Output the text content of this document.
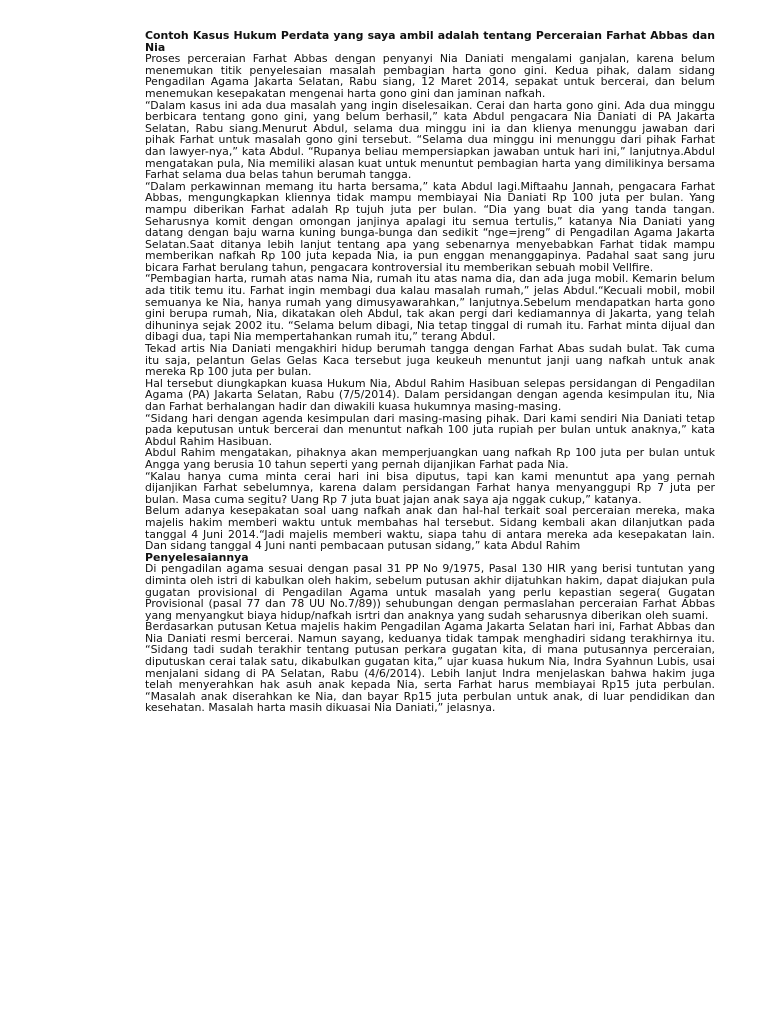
Contoh Kasus Hukum Perdata yang saya ambil adalah tentang Perceraian Farhat Abbas dan Nia

Proses perceraian Farhat Abbas dengan penyanyi Nia Daniati mengalami ganjalan, karena belum menemukan titik penyelesaian masalah pembagian harta gono gini. Kedua pihak, dalam sidang Pengadilan Agama Jakarta Selatan, Rabu siang, 12 Maret 2014, sepakat untuk bercerai, dan belum menemukan kesepakatan mengenai harta gono gini dan jaminan nafkah.

“Dalam kasus ini ada dua masalah yang ingin diselesaikan. Cerai dan harta gono gini. Ada dua minggu berbicara tentang gono gini, yang belum berhasil,” kata Abdul pengacara Nia Daniati di PA Jakarta Selatan, Rabu siang.Menurut Abdul, selama dua minggu ini ia dan klienya menunggu jawaban dari pihak Farhat untuk masalah gono gini tersebut. “Selama dua minggu ini menunggu dari pihak Farhat dan lawyer-nya,” kata Abdul. “Rupanya beliau mempersiapkan jawaban untuk hari ini,” lanjutnya.Abdul mengatakan pula, Nia memiliki alasan kuat untuk menuntut pembagian harta yang dimilikinya bersama Farhat selama dua belas tahun berumah tangga.

“Dalam perkawinnan memang itu harta bersama,” kata Abdul lagi.Miftaahu Jannah, pengacara Farhat Abbas, mengungkapkan kliennya tidak mampu membiayai Nia Daniati Rp 100 juta per bulan. Yang mampu diberikan Farhat adalah Rp tujuh juta per bulan. “Dia yang buat dia yang tanda tangan. Seharusnya komit dengan omongan janjinya apalagi itu semua tertulis,” katanya Nia Daniati yang datang dengan baju warna kuning bunga-bunga dan sedikit “nge=jreng” di Pengadilan Agama Jakarta Selatan.Saat ditanya lebih lanjut tentang apa yang sebenarnya menyebabkan Farhat tidak mampu memberikan nafkah Rp 100 juta kepada Nia, ia pun enggan menanggapinya. Padahal saat sang juru bicara Farhat berulang tahun, pengacara kontroversial itu memberikan sebuah mobil Vellfire.

“Pembagian harta, rumah atas nama Nia, rumah itu atas nama dia, dan ada juga mobil. Kemarin belum ada titik temu itu. Farhat ingin membagi dua kalau masalah rumah,” jelas Abdul.“Kecuali mobil, mobil semuanya ke Nia, hanya rumah yang dimusyawarahkan,” lanjutnya.Sebelum mendapatkan harta gono gini berupa rumah, Nia, dikatakan oleh Abdul, tak akan pergi dari kediamannya di Jakarta, yang telah dihuninya sejak 2002 itu. “Selama belum dibagi, Nia tetap tinggal di rumah itu. Farhat minta dijual dan dibagi dua, tapi Nia mempertahankan rumah itu,” terang Abdul.

Tekad artis Nia Daniati mengakhiri hidup berumah tangga dengan Farhat Abas sudah bulat. Tak cuma itu saja, pelantun Gelas Gelas Kaca tersebut juga keukeuh menuntut janji uang nafkah untuk anak mereka Rp 100 juta per bulan.

Hal tersebut diungkapkan kuasa Hukum Nia, Abdul Rahim Hasibuan selepas persidangan di Pengadilan Agama (PA) Jakarta Selatan, Rabu (7/5/2014). Dalam persidangan dengan agenda kesimpulan itu, Nia dan Farhat berhalangan hadir dan diwakili kuasa hukumnya masing-masing.

“Sidang hari dengan agenda kesimpulan dari masing-masing pihak. Dari kami sendiri Nia Daniati tetap pada keputusan untuk bercerai dan menuntut nafkah 100 juta rupiah per bulan untuk anaknya,” kata Abdul Rahim Hasibuan.

Abdul Rahim mengatakan, pihaknya akan memperjuangkan uang nafkah Rp 100 juta per bulan untuk Angga yang berusia 10 tahun seperti yang pernah dijanjikan Farhat pada Nia.

“Kalau hanya cuma minta cerai hari ini bisa diputus, tapi kan kami menuntut apa yang pernah dijanjikan Farhat sebelumnya, karena dalam persidangan Farhat hanya menyanggupi Rp 7 juta per bulan. Masa cuma segitu? Uang Rp 7 juta buat jajan anak saya aja nggak cukup,” katanya.

Belum adanya kesepakatan soal uang nafkah anak dan hal-hal terkait soal perceraian mereka, maka majelis hakim memberi waktu untuk membahas hal tersebut. Sidang kembali akan dilanjutkan pada tanggal 4 Juni 2014.“Jadi majelis memberi waktu, siapa tahu di antara mereka ada kesepakatan lain. Dan sidang tanggal 4 Juni nanti pembacaan putusan sidang,” kata Abdul Rahim

Penyelesaiannya

Di pengadilan agama sesuai dengan pasal 31 PP No 9/1975, Pasal 130 HIR yang berisi tuntutan yang diminta oleh istri di kabulkan oleh hakim, sebelum putusan akhir dijatuhkan hakim, dapat diajukan pula gugatan provisional di Pengadilan Agama untuk masalah yang perlu kepastian segera( Gugatan Provisional (pasal 77 dan 78 UU No.7/89)) sehubungan dengan permaslahan perceraian Farhat Abbas yang menyangkut biaya hidup/nafkah isrtri dan anaknya yang sudah seharusnya diberikan oleh suami.

Berdasarkan putusan Ketua majelis hakim Pengadilan Agama Jakarta Selatan hari ini, Farhat Abbas dan Nia Daniati resmi bercerai. Namun sayang, keduanya tidak tampak menghadiri sidang terakhirnya itu. “Sidang tadi sudah terakhir tentang putusan perkara gugatan kita, di mana putusannya perceraian, diputuskan cerai talak satu, dikabulkan gugatan kita,” ujar kuasa hukum Nia, Indra Syahnun Lubis, usai menjalani sidang di PA Selatan, Rabu (4/6/2014). Lebih lanjut Indra menjelaskan bahwa hakim juga telah menyerahkan hak asuh anak kepada Nia, serta Farhat harus membiayai Rp15 juta perbulan. “Masalah anak diserahkan ke Nia, dan bayar Rp15 juta perbulan untuk anak, di luar pendidikan dan kesehatan. Masalah harta masih dikuasai Nia Daniati,” jelasnya.
